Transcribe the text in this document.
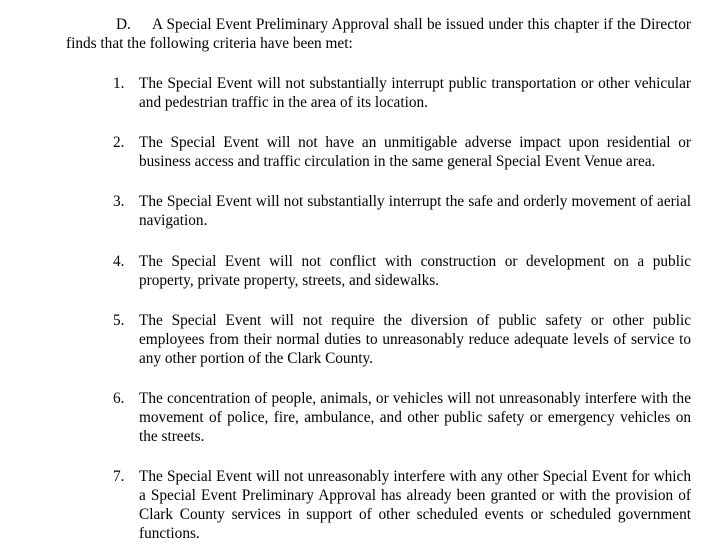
D. A Special Event Preliminary Approval shall be issued under this chapter if the Director finds that the following criteria have been met:

1. The Special Event will not substantially interrupt public transportation or other vehicular and pedestrian traffic in the area of its location.
2. The Special Event will not have an unmitigable adverse impact upon residential or business access and traffic circulation in the same general Special Event Venue area.
3. The Special Event will not substantially interrupt the safe and orderly movement of aerial navigation.
4. The Special Event will not conflict with construction or development on a public property, private property, streets, and sidewalks.
5. The Special Event will not require the diversion of public safety or other public employees from their normal duties to unreasonably reduce adequate levels of service to any other portion of the Clark County.
6. The concentration of people, animals, or vehicles will not unreasonably interfere with the movement of police, fire, ambulance, and other public safety or emergency vehicles on the streets.
7. The Special Event will not unreasonably interfere with any other Special Event for which a Special Event Preliminary Approval has already been granted or with the provision of Clark County services in support of other scheduled events or scheduled government functions.
